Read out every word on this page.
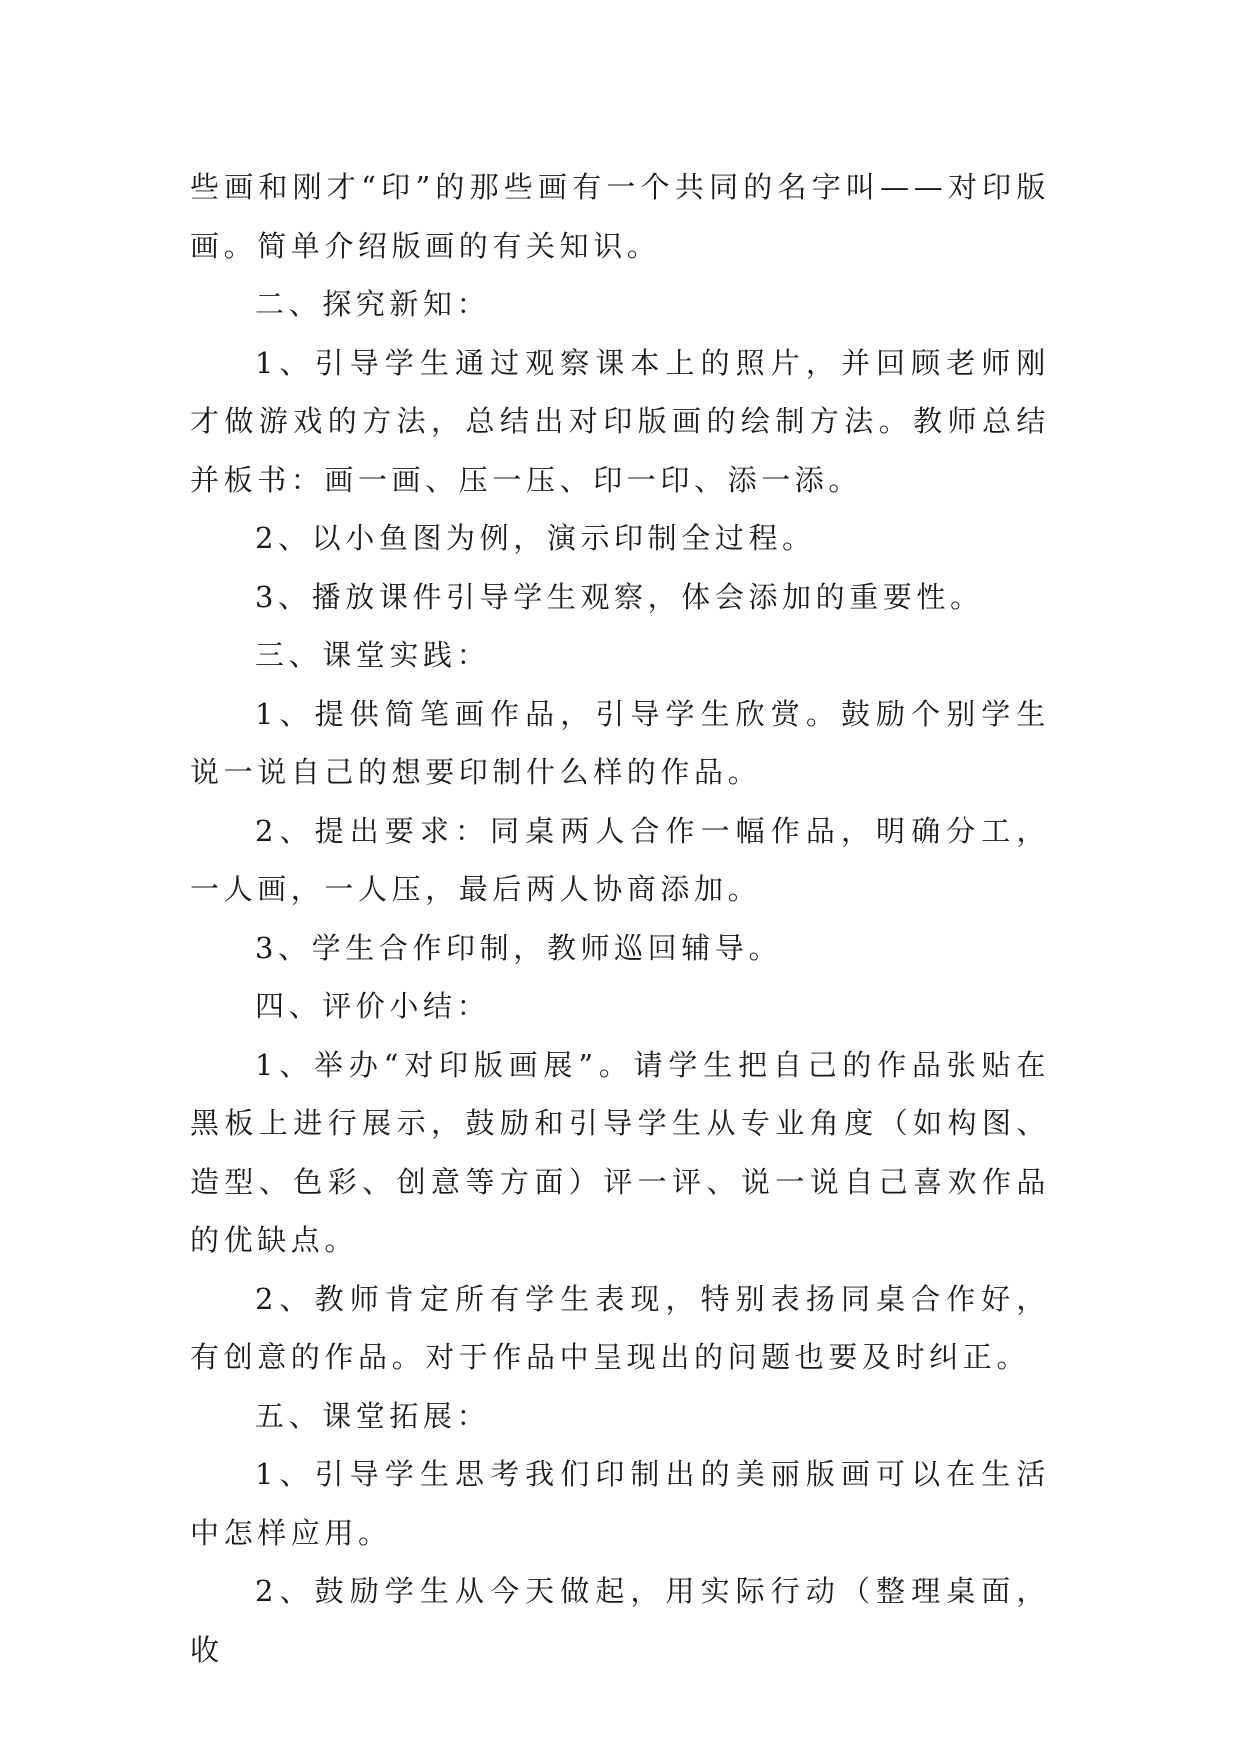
些画和刚才“印”的那些画有一个共同的名字叫——对印版画。简单介绍版画的有关知识。

二、探究新知：

1、引导学生通过观察课本上的照片，并回顾老师刚才做游戏的方法，总结出对印版画的绘制方法。教师总结并板书：画一画、压一压、印一印、添一添。

2、以小鱼图为例，演示印制全过程。

3、播放课件引导学生观察，体会添加的重要性。

三、课堂实践：

1、提供简笔画作品，引导学生欣赏。鼓励个别学生说一说自己的想要印制什么样的作品。

2、提出要求：同桌两人合作一幅作品，明确分工，一人画，一人压，最后两人协商添加。

3、学生合作印制，教师巡回辅导。

四、评价小结：

1、举办“对印版画展”。请学生把自己的作品张贴在黑板上进行展示，鼓励和引导学生从专业角度（如构图、造型、色彩、创意等方面）评一评、说一说自己喜欢作品的优缺点。

2、教师肯定所有学生表现，特别表扬同桌合作好，有创意的作品。对于作品中呈现出的问题也要及时纠正。

五、课堂拓展：

1、引导学生思考我们印制出的美丽版画可以在生活中怎样应用。

2、鼓励学生从今天做起，用实际行动（整理桌面，收
